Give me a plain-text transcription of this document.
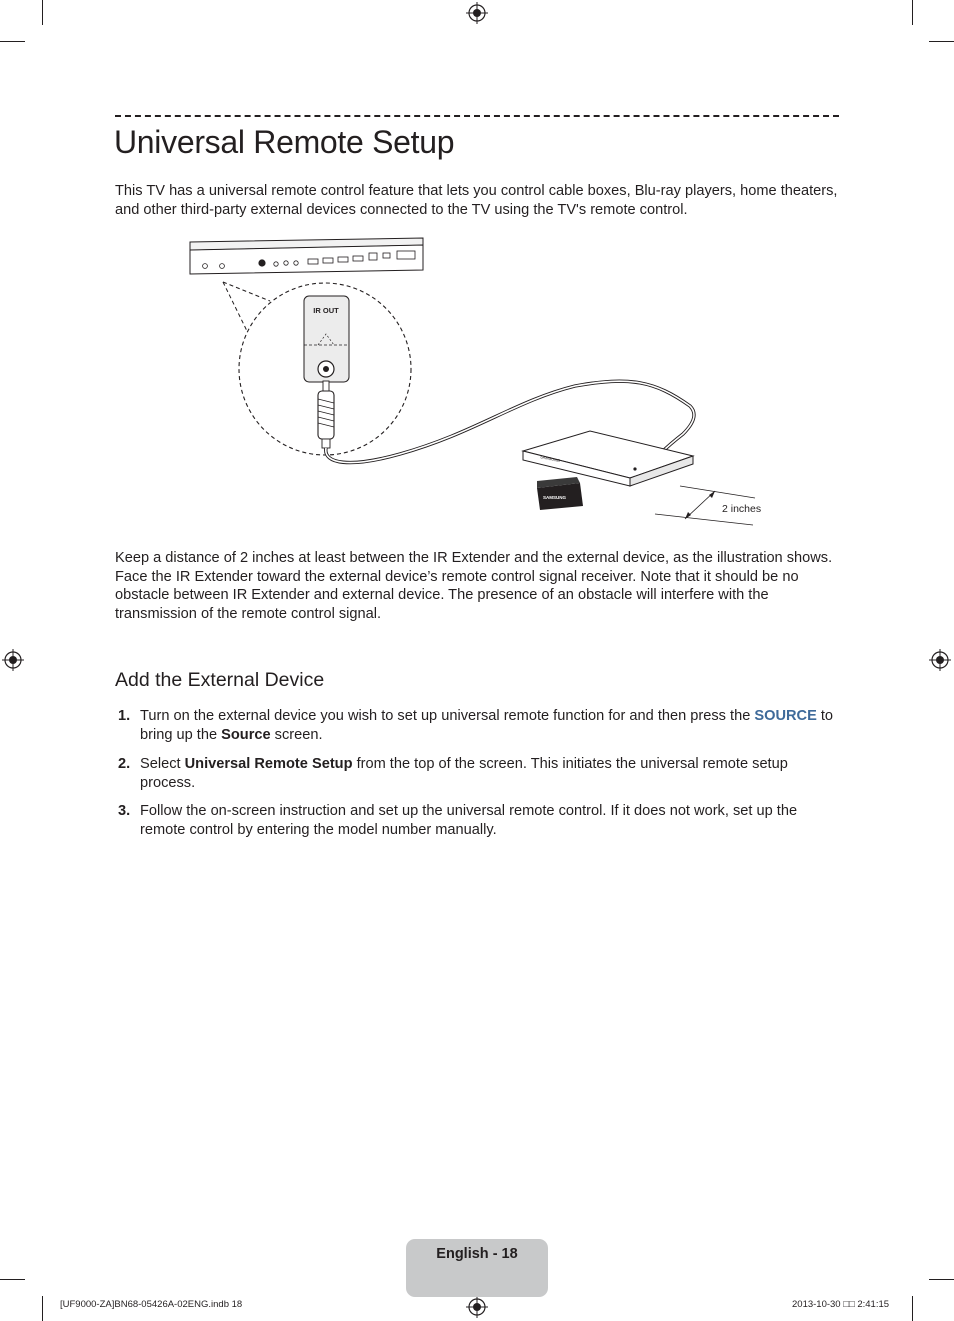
Universal Remote Setup

This TV has a universal remote control feature that lets you control cable boxes, Blu-ray players, home theaters, and other third-party external devices connected to the TV using the TV's remote control.

IR OUT
SAMSUNG
SAMSUNG
2 inches

Keep a distance of 2 inches at least between the IR Extender and the external device, as the illustration shows. Face the IR Extender toward the external device’s remote control signal receiver. Note that it should be no obstacle between IR Extender and external device. The presence of an obstacle will interfere with the transmission of the remote control signal.

Add the External Device
1. Turn on the external device you wish to set up universal remote function for and then press the SOURCE to bring up the Source screen.
2. Select Universal Remote Setup from the top of the screen. This initiates the universal remote setup process.
3. Follow the on-screen instruction and set up the universal remote control. If it does not work, set up the remote control by entering the model number manually.
English - 18
[UF9000-ZA]BN68-05426A-02ENG.indb 18	2013-10-30 □□ 2:41:15
